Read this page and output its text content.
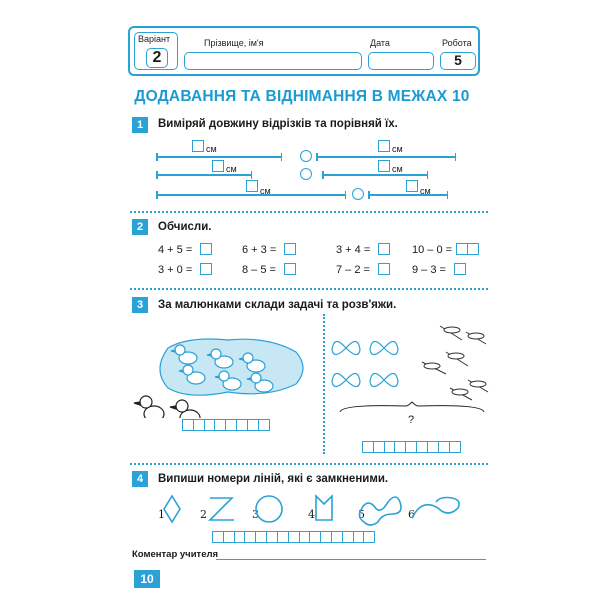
Варіант
2
Прізвище, ім'я	Дата	Робота
5
ДОДАВАННЯ ТА ВІДНІМАННЯ В МЕЖАХ 10
1	Виміряй довжину відрізків та порівняй їх.
см
см
см
см
см
см
2	Обчисли.
4 + 5 =	6 + 3 =	3 + 4 =	10 – 0 =
3 + 0 =	8 – 5 =	7 – 2 =	9 – 3 =
3	За малюнками склади задачі та розв'яжи.
?
4	Випиши номери ліній, які є замкненими.
1	2	3	4	5	6
Коментар учителя
10
